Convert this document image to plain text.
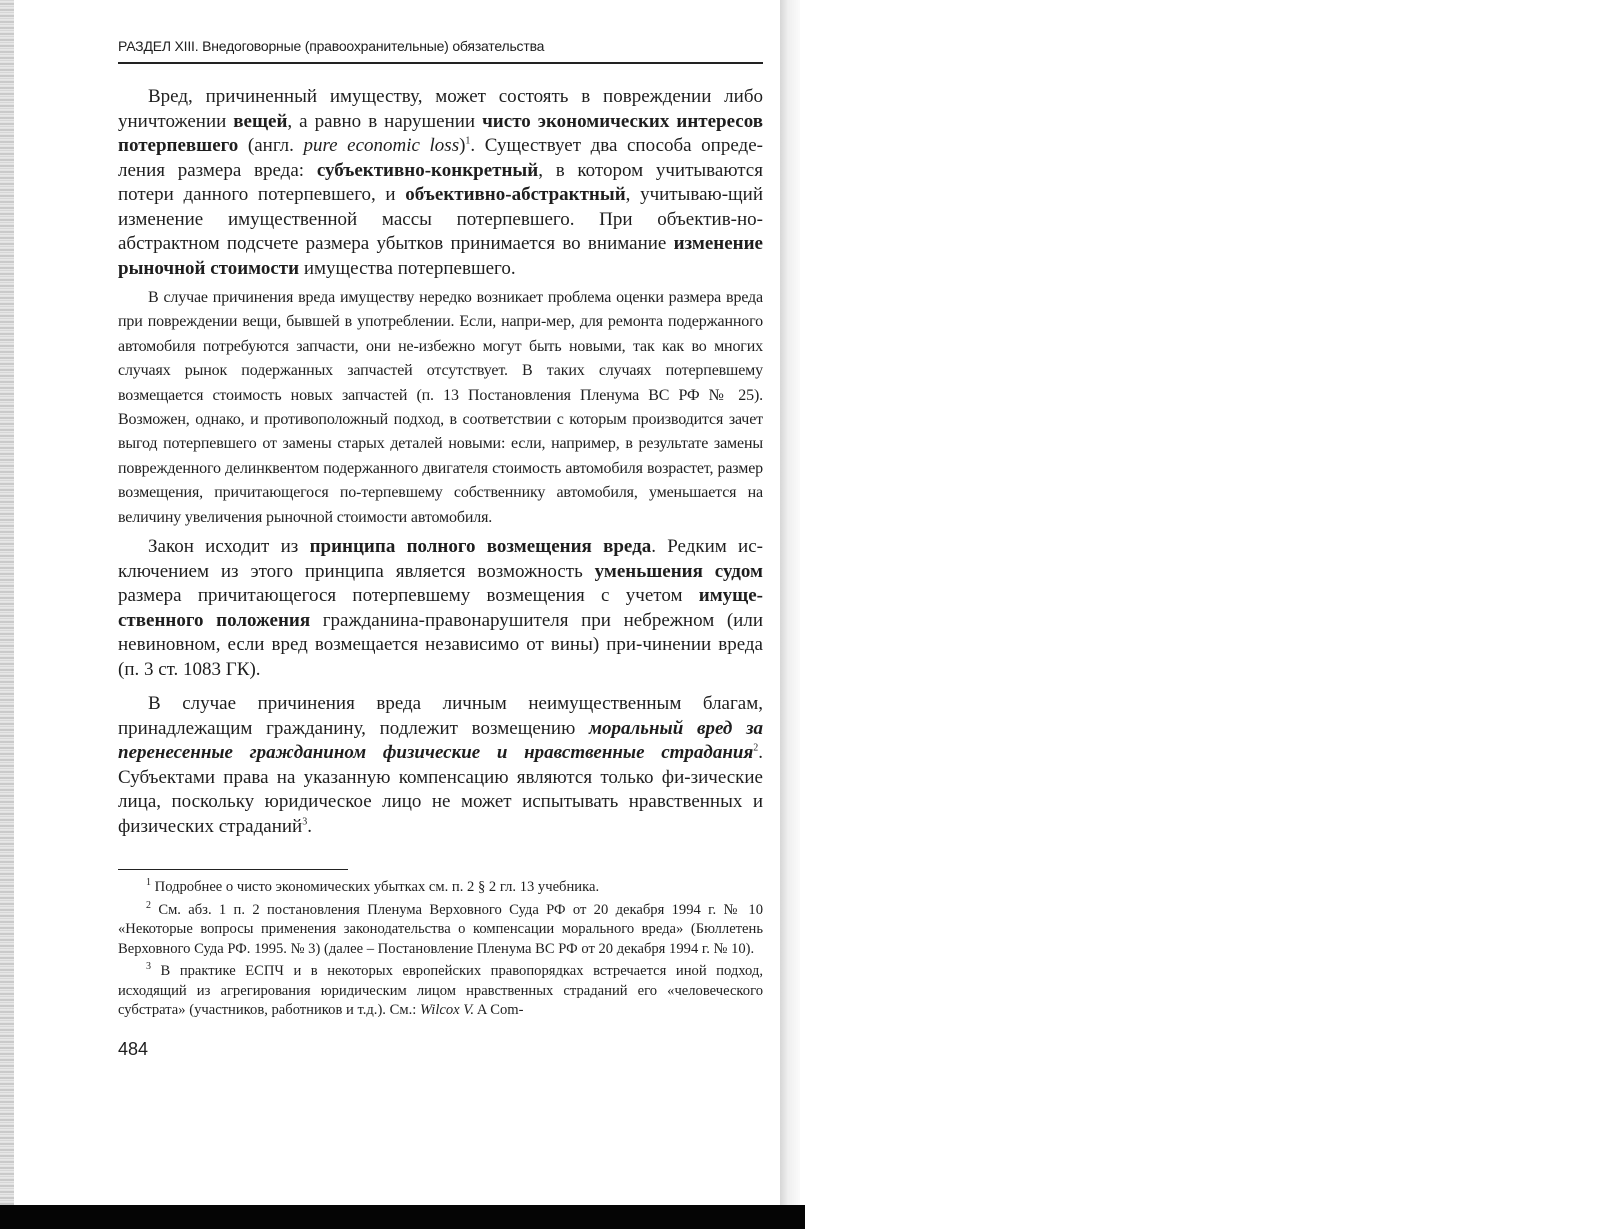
РАЗДЕЛ XIII. Внедоговорные (правоохранительные) обязательства

Вред, причиненный имуществу, может состоять в повреждении либо уничтожении вещей, а равно в нарушении чисто экономических интересов потерпевшего (англ. pure economic loss)$^1$. Существует два способа опреде-ления размера вреда: субъективно-конкретный, в котором учитываются потери данного потерпевшего, и объективно-абстрактный, учитываю-щий изменение имущественной массы потерпевшего. При объектив-но-абстрактном подсчете размера убытков принимается во внимание изменение рыночной стоимости имущества потерпевшего.

В случае причинения вреда имуществу нередко возникает проблема оценки размера вреда при повреждении вещи, бывшей в употреблении. Если, напри-мер, для ремонта подержанного автомобиля потребуются запчасти, они не-избежно могут быть новыми, так как во многих случаях рынок подержанных запчастей отсутствует. В таких случаях потерпевшему возмещается стоимость новых запчастей (п. 13 Постановления Пленума ВС РФ № 25). Возможен, однако, и противоположный подход, в соответствии с которым производится зачет выгод потерпевшего от замены старых деталей новыми: если, например, в результате замены поврежденного делинквентом подержанного двигателя стоимость автомобиля возрастет, размер возмещения, причитающегося по-терпевшему собственнику автомобиля, уменьшается на величину увеличения рыночной стоимости автомобиля.

Закон исходит из принципа полного возмещения вреда. Редким ис-ключением из этого принципа является возможность уменьшения судом размера причитающегося потерпевшему возмещения с учетом имуще-ственного положения гражданина-правонарушителя при небрежном (или невиновном, если вред возмещается независимо от вины) при-чинении вреда (п. 3 ст. 1083 ГК).

В случае причинения вреда личным неимущественным благам, принадлежащим гражданину, подлежит возмещению моральный вред за перенесенные гражданином физические и нравственные страдания$^2$. Субъектами права на указанную компенсацию являются только фи-зические лица, поскольку юридическое лицо не может испытывать нравственных и физических страданий$^3$.

$^1$ Подробнее о чисто экономических убытках см. п. 2 § 2 гл. 13 учебника.

$^2$ См. абз. 1 п. 2 постановления Пленума Верховного Суда РФ от 20 декабря 1994 г. № 10 «Некоторые вопросы применения законодательства о компенсации морального вреда» (Бюллетень Верховного Суда РФ. 1995. № 3) (далее – Постановление Пленума ВС РФ от 20 декабря 1994 г. № 10).

$^3$ В практике ЕСПЧ и в некоторых европейских правопорядках встречается иной подход, исходящий из агрегирования юридическим лицом нравственных страданий его «человеческого субстрата» (участников, работников и т.д.). См.: Wilcox V. A Com-

484
